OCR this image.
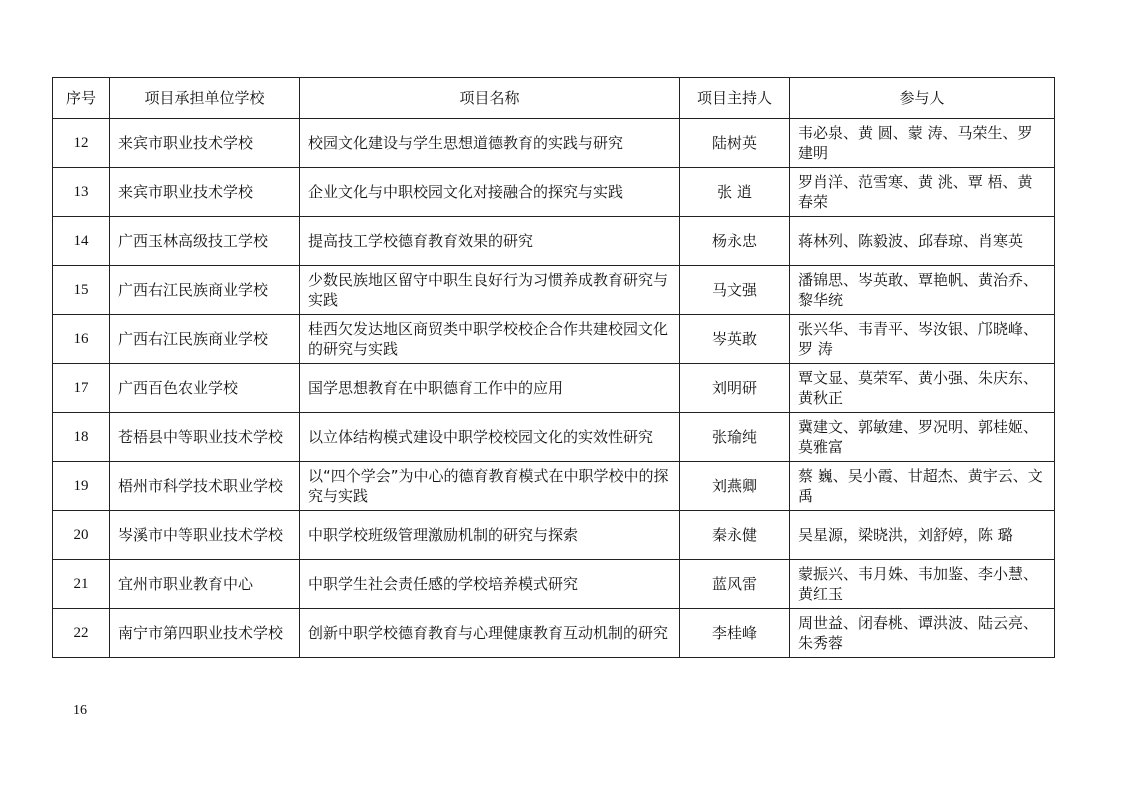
序号	项目承担单位学校	项目名称	项目主持人	参与人
12	来宾市职业技术学校	校园文化建设与学生思想道德教育的实践与研究	陆树英	韦必泉、黄 圆、蒙 涛、马荣生、罗建明
13	来宾市职业技术学校	企业文化与中职校园文化对接融合的探究与实践	张 逍	罗肖洋、范雪寒、黄 洮、覃 梧、黄春荣
14	广西玉林高级技工学校	提高技工学校德育教育效果的研究	杨永忠	蒋林列、陈毅波、邱春琼、肖寒英
15	广西右江民族商业学校	少数民族地区留守中职生良好行为习惯养成教育研究与实践	马文强	潘锦思、岑英敢、覃艳帆、黄治乔、黎华统
16	广西右江民族商业学校	桂西欠发达地区商贸类中职学校校企合作共建校园文化的研究与实践	岑英敢	张兴华、韦青平、岑汝银、邝晓峰、罗 涛
17	广西百色农业学校	国学思想教育在中职德育工作中的应用	刘明研	覃文显、莫荣军、黄小强、朱庆东、黄秋正
18	苍梧县中等职业技术学校	以立体结构模式建设中职学校校园文化的实效性研究	张瑜纯	冀建文、郭敏建、罗况明、郭桂姬、莫雅富
19	梧州市科学技术职业学校	以“四个学会”为中心的德育教育模式在中职学校中的探究与实践	刘燕卿	蔡 巍、吴小霞、甘超杰、黄宇云、文 禹
20	岑溪市中等职业技术学校	中职学校班级管理激励机制的研究与探索	秦永健	吴星源，梁晓洪，刘舒婷，陈 璐
21	宜州市职业教育中心	中职学生社会责任感的学校培养模式研究	蓝风雷	蒙振兴、韦月姝、韦加鉴、李小慧、黄红玉
22	南宁市第四职业技术学校	创新中职学校德育教育与心理健康教育互动机制的研究	李桂峰	周世益、闭春桃、谭洪波、陆云亮、朱秀蓉
16
